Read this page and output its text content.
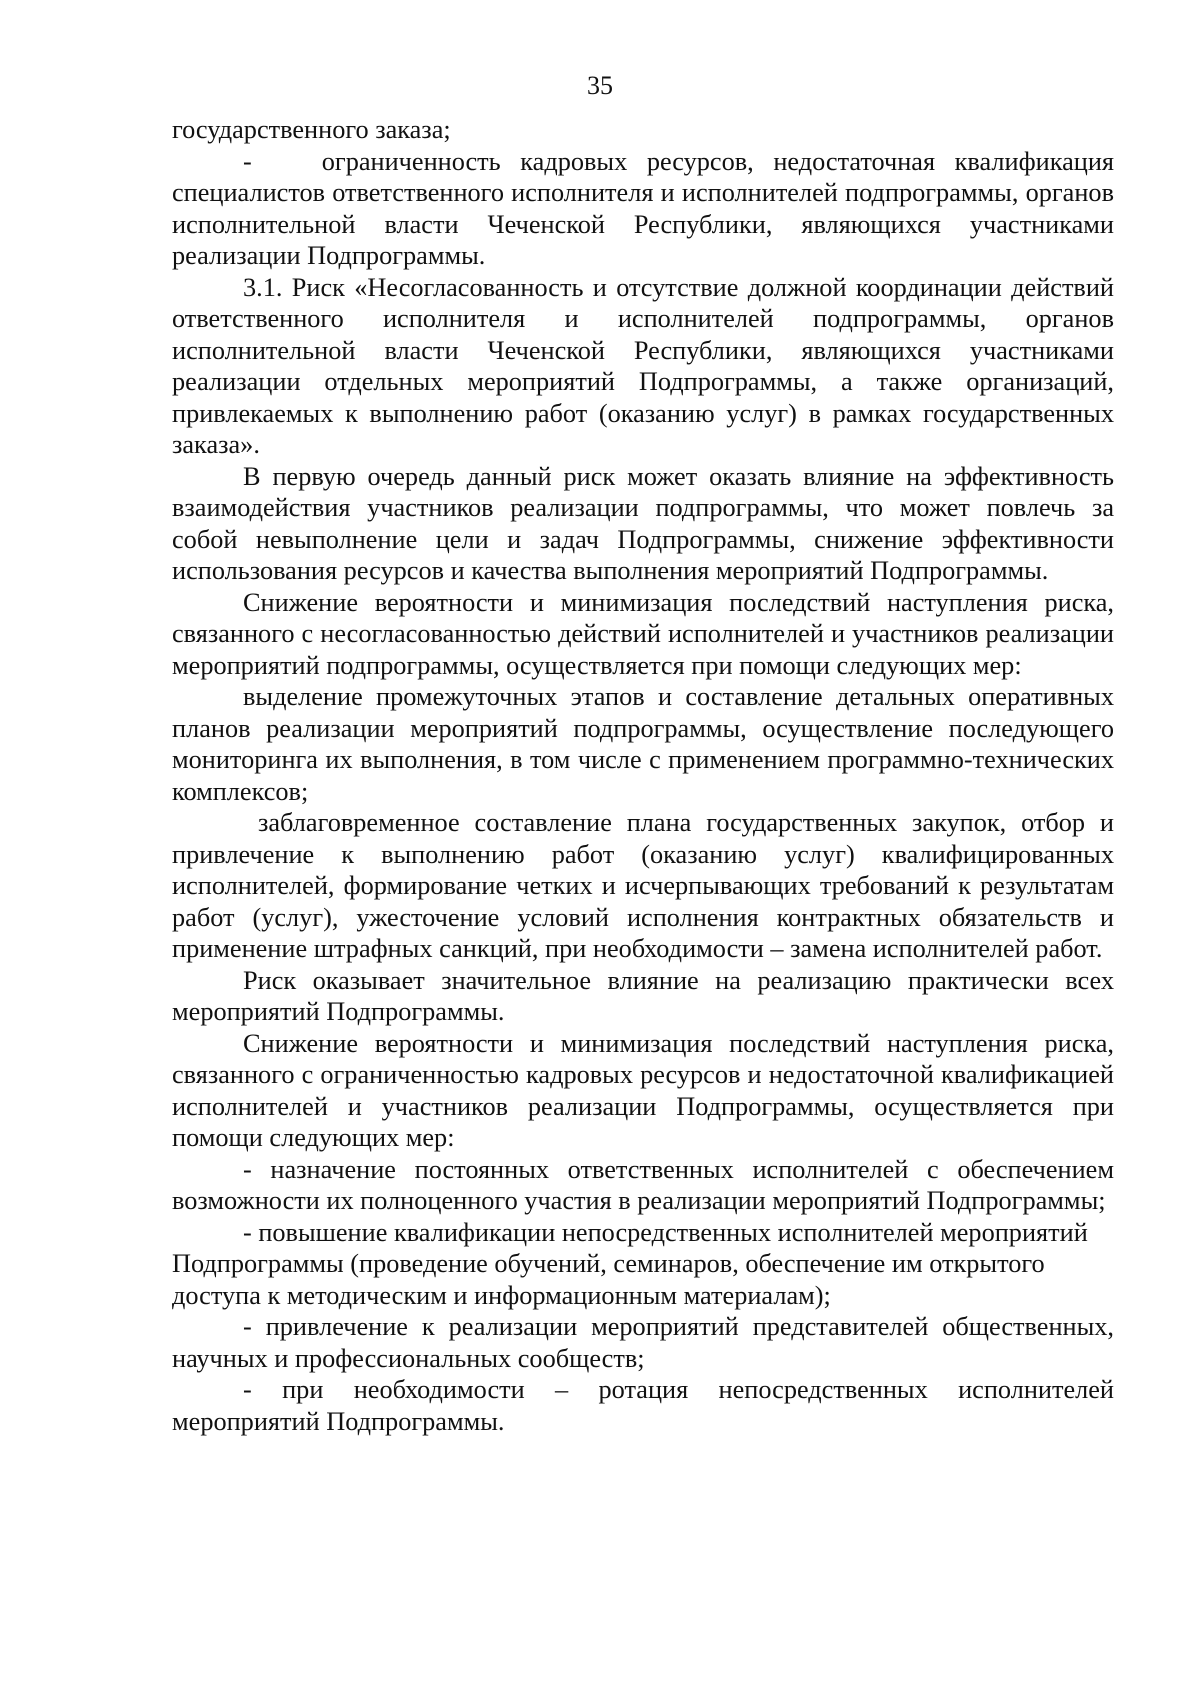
35

государственного заказа;

-	ограниченность кадровых ресурсов, недостаточная квалификация специалистов ответственного исполнителя и исполнителей подпрограммы, органов исполнительной власти Чеченской Республики, являющихся участниками реализации Подпрограммы.

3.1. Риск «Несогласованность и отсутствие должной координации действий ответственного исполнителя и исполнителей подпрограммы, органов исполнительной власти Чеченской Республики, являющихся участниками реализации отдельных мероприятий Подпрограммы, а также организаций, привлекаемых к выполнению работ (оказанию услуг) в рамках государственных заказа».

В первую очередь данный риск может оказать влияние на эффективность взаимодействия участников реализации подпрограммы, что может повлечь за собой невыполнение цели и задач Подпрограммы, снижение эффективности использования ресурсов и качества выполнения мероприятий Подпрограммы.

Снижение вероятности и минимизация последствий наступления риска, связанного с несогласованностью действий исполнителей и участников реализации мероприятий подпрограммы, осуществляется при помощи следующих мер:

выделение промежуточных этапов и составление детальных оперативных планов реализации мероприятий подпрограммы, осуществление последующего мониторинга их выполнения, в том числе с применением программно-технических комплексов;

заблаговременное составление плана государственных закупок, отбор и привлечение к выполнению работ (оказанию услуг) квалифицированных исполнителей, формирование четких и исчерпывающих требований к результатам работ (услуг), ужесточение условий исполнения контрактных обязательств и применение штрафных санкций, при необходимости – замена исполнителей работ.

Риск оказывает значительное влияние на реализацию практически всех мероприятий Подпрограммы.

Снижение вероятности и минимизация последствий наступления риска, связанного с ограниченностью кадровых ресурсов и недостаточной квалификацией исполнителей и участников реализации Подпрограммы, осуществляется при помощи следующих мер:

- назначение постоянных ответственных исполнителей с обеспечением возможности их полноценного участия в реализации мероприятий Подпрограммы;

- повышение квалификации непосредственных исполнителей мероприятий Подпрограммы (проведение обучений, семинаров, обеспечение им открытого доступа к методическим и информационным материалам);

- привлечение к реализации мероприятий представителей общественных, научных и профессиональных сообществ;

- при необходимости – ротация непосредственных исполнителей мероприятий Подпрограммы.
